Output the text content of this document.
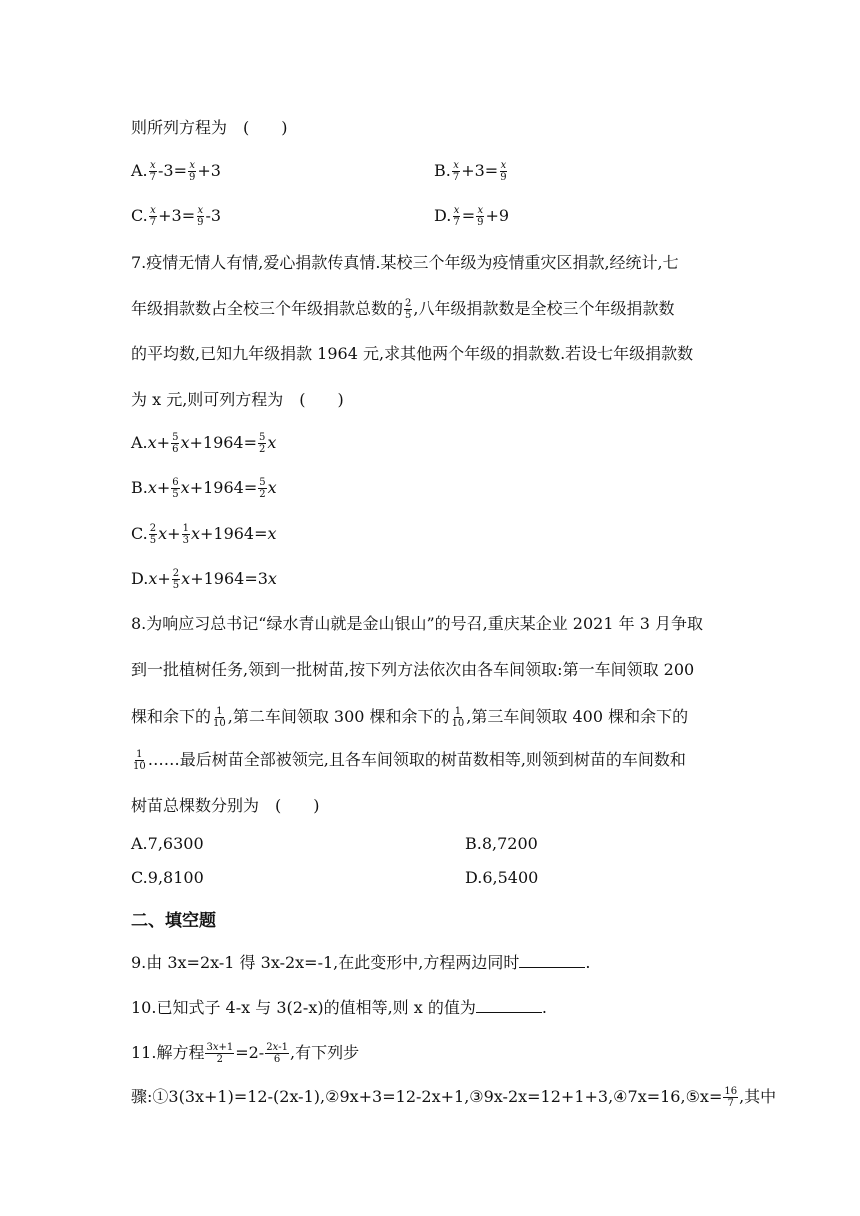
则所列方程为　(　　)
A. $\frac{x}{7} -3= \frac{x}{9} +3$	B. $\frac{x}{7} +3= \frac{x}{9}$
C. $\frac{x}{7} +3= \frac{x}{9} -3$	D. $\frac{x}{7} = \frac{x}{9} +9$
7.疫情无情人有情,爱心捐款传真情.某校三个年级为疫情重灾区捐款,经统计,七
年级捐款数占全校三个年级捐款总数的 $\frac{2}{5}$ ,八年级捐款数是全校三个年级捐款数
的平均数,已知九年级捐款 1964 元,求其他两个年级的捐款数.若设七年级捐款数
为 x 元,则可列方程为　(　　)
$A.x+ \frac{5}{6} x+1964= \frac{5}{2}$ x
$B.x+ \frac{6}{5} x+1964= \frac{5}{2}$ x
C. $\frac{2}{5} x+ \frac{1}{3} x+1964=x$
$D.x+ \frac{2}{5} x+1964=3x$
8.为响应习总书记“绿水青山就是金山银山”的号召,重庆某企业 2021 年 3 月争取
到一批植树任务,领到一批树苗,按下列方法依次由各车间领取:第一车间领取 200
棵和余下的 $\frac{1}{10}$ ,第二车间领取 300 棵和余下的 $\frac{1}{10}$ ,第三车间领取 400 棵和余下的
$\frac{1}{10}$ ……最后树苗全部被领完,且各车间领取的树苗数相等,则领到树苗的车间数和
树苗总棵数分别为　(　　)
A.7,6300	B.8,7200
C.9,8100	D.6,5400
二、填空题
9.由 3x=2x-1 得 3x-2x=-1,在此变形中,方程两边同时	.
10.已知式子 4-x 与 3(2-x)的值相等,则 x 的值为	.
11.解方程 $\frac{3x+1}{2} =2- \frac{2x-1}{6}$ ,有下列步
骤:①3(3x+1)=12-(2x-1),②9x+3=12-2x+1,③9x-2x=12+1+3,④7x=16,⑤x= $\frac{16}{7}$ ,其中
